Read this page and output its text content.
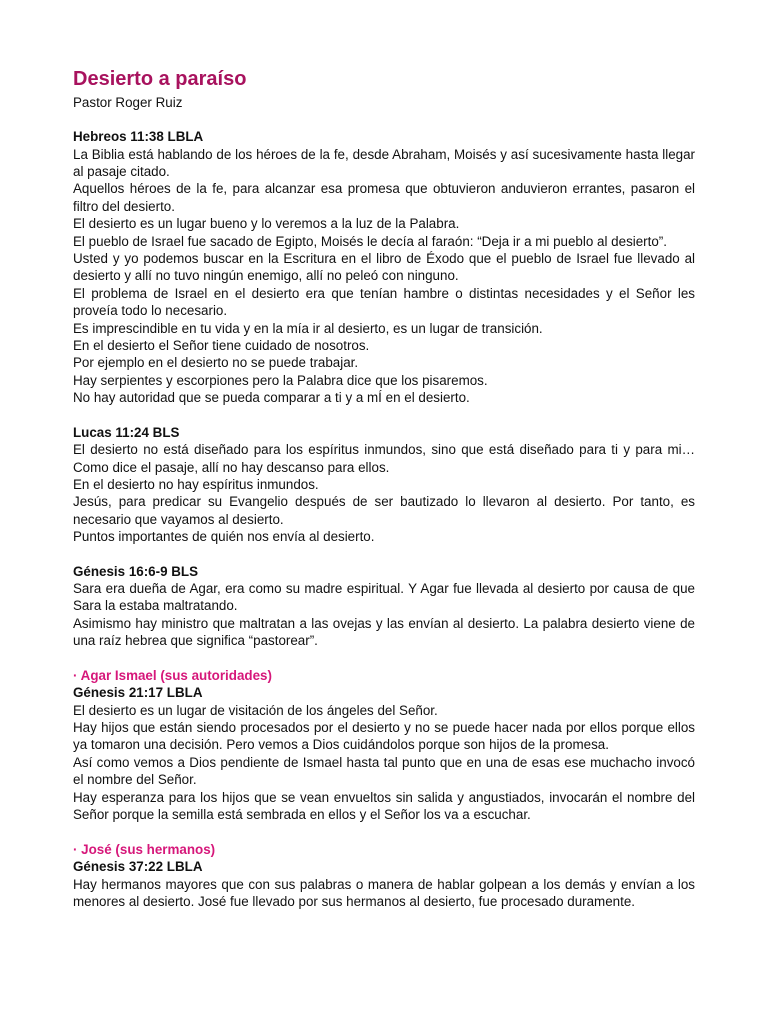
Desierto a paraíso

Pastor Roger Ruiz

Hebreos 11:38 LBLA

La Biblia está hablando de los héroes de la fe, desde Abraham, Moisés y así sucesivamente hasta llegar al pasaje citado.

Aquellos héroes de la fe, para alcanzar esa promesa que obtuvieron anduvieron errantes, pasaron el filtro del desierto.

El desierto es un lugar bueno y lo veremos a la luz de la Palabra.

El pueblo de Israel fue sacado de Egipto, Moisés le decía al faraón: “Deja ir a mi pueblo al desierto”.

Usted y yo podemos buscar en la Escritura en el libro de Éxodo que el pueblo de Israel fue llevado al desierto y allí no tuvo ningún enemigo, allí no peleó con ninguno.

El problema de Israel en el desierto era que tenían hambre o distintas necesidades y el Señor les proveía todo lo necesario.

Es imprescindible en tu vida y en la mía ir al desierto, es un lugar de transición.

En el desierto el Señor tiene cuidado de nosotros.

Por ejemplo en el desierto no se puede trabajar.

Hay serpientes y escorpiones pero la Palabra dice que los pisaremos.

No hay autoridad que se pueda comparar a ti y a mÍ en el desierto.

Lucas 11:24 BLS

El desierto no está diseñado para los espíritus inmundos, sino que está diseñado para ti y para mi… Como dice el pasaje, allí no hay descanso para ellos.

En el desierto no hay espíritus inmundos.

Jesús, para predicar su Evangelio después de ser bautizado lo llevaron al desierto. Por tanto, es necesario que vayamos al desierto.

Puntos importantes de quién nos envía al desierto.

Génesis 16:6-9 BLS

Sara era dueña de Agar, era como su madre espiritual. Y Agar fue llevada al desierto por causa de que Sara la estaba maltratando.

Asimismo hay ministro que maltratan a las ovejas y las envían al desierto. La palabra desierto viene de una raíz hebrea que significa “pastorear”.

· Agar Ismael (sus autoridades)

Génesis 21:17 LBLA

El desierto es un lugar de visitación de los ángeles del Señor.

Hay hijos que están siendo procesados por el desierto y no se puede hacer nada por ellos porque ellos ya tomaron una decisión. Pero vemos a Dios cuidándolos porque son hijos de la promesa.

Así como vemos a Dios pendiente de Ismael hasta tal punto que en una de esas ese muchacho invocó el nombre del Señor.

Hay esperanza para los hijos que se vean envueltos sin salida y angustiados, invocarán el nombre del Señor porque la semilla está sembrada en ellos y el Señor los va a escuchar.

· José (sus hermanos)

Génesis 37:22 LBLA

Hay hermanos mayores que con sus palabras o manera de hablar golpean a los demás y envían a los menores al desierto. José fue llevado por sus hermanos al desierto, fue procesado duramente.
